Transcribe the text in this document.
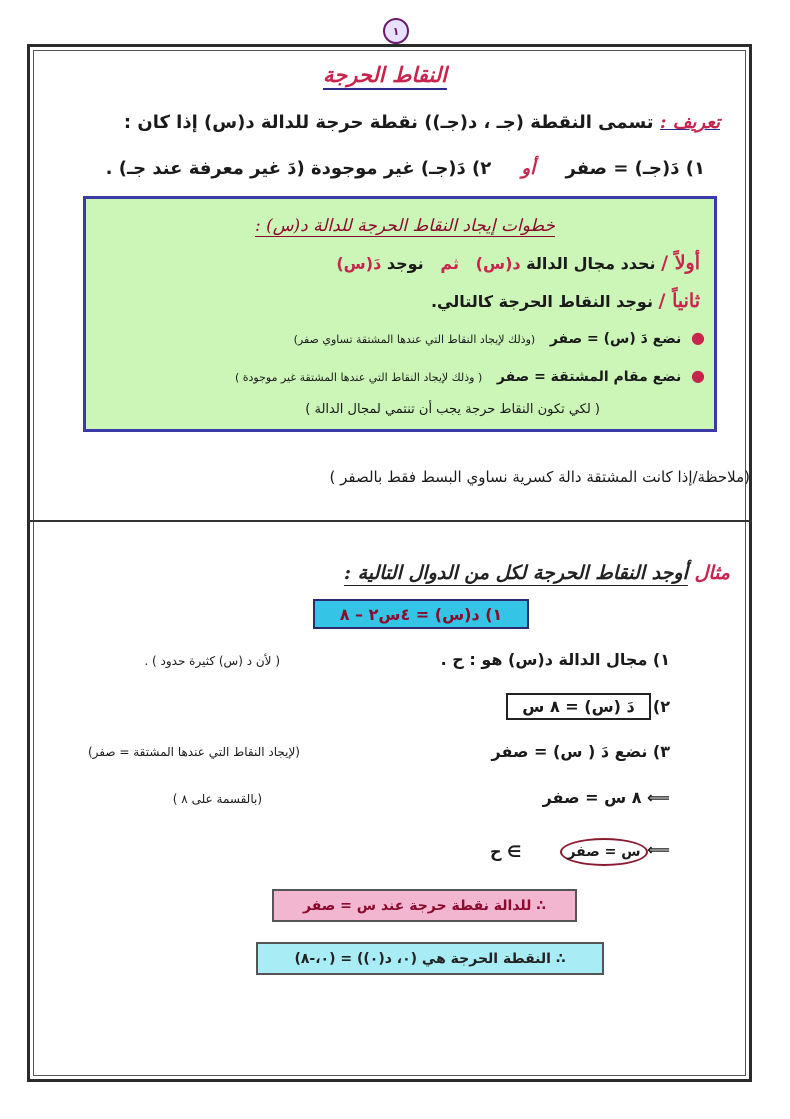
١
النقاط الحرجة
تعريف : تسمى النقطة (جـ ، د(جـ)) نقطة حرجة للدالة د(س) إذا كان :
١) دَ(جـ) = صفر أو ٢) دَ(جـ) غير موجودة (دَ غير معرفة عند جـ) .
خطوات إيجاد النقاط الحرجة للدالة د(س) :
أولاً / نحدد مجال الدالة د(س)   ثم   نوجد دَ(س)
ثانياً / نوجد النقاط الحرجة كالتالي.
●  نضع دَ (س) = صفر   (وذلك لإيجاد النقاط التي عندها المشتقة تساوي صفر)
●  نضع مقام المشتقة = صفر   ( وذلك لإيجاد النقاط التي عندها المشتقة غير موجودة )
( لكي تكون النقاط حرجة يجب أن تنتمي لمجال الدالة )
(ملاحظة/إذا كانت المشتقة دالة كسرية نساوي البسط فقط بالصفر )
مثال أوجد النقاط الحرجة لكل من الدوال التالية :
١) د(س) = ٤س٢ – ٨
١) مجال الدالة د(س) هو : ح .
( لأن د (س) كثيرة حدود ) .
٢)
دَ (س) = ٨ س
٣) نضع دَ ( س) = صفر
(لإيجاد النقاط التي عندها المشتقة = صفر)
⟸ ٨ س = صفر
(بالقسمة على ٨ )
⟸
س = صفر
∋ ح
∴ للدالة نقطة حرجة عند س = صفر
∴ النقطة الحرجة هي (٠، د(٠)) = (٠،-٨)
